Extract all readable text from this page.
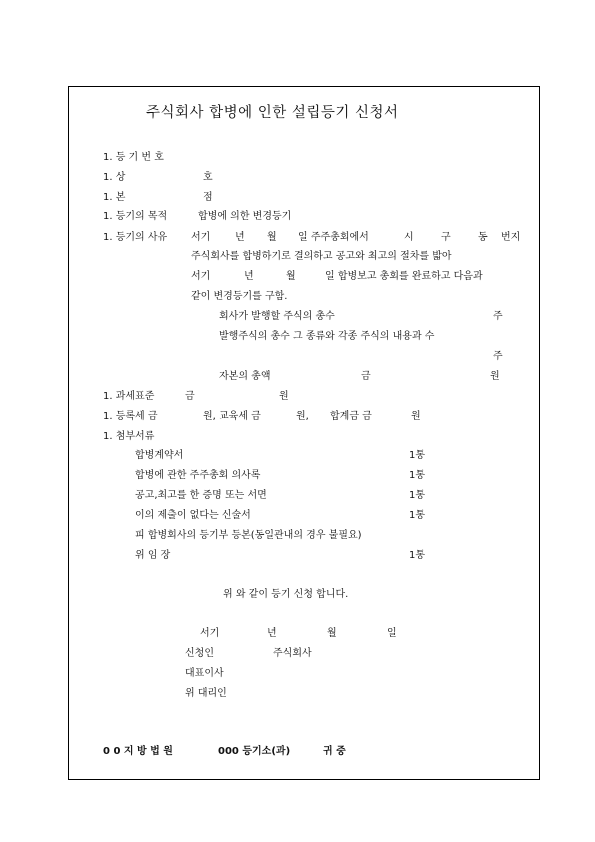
주식회사 합병에 인한 설립등기 신청서
1. 등 기 번 호
1. 상	호
1. 본	점
1. 등기의 목적	합병에 의한 변경등기
1. 등기의 사유 서기 년 월 일 주주총회에서	시	구	동 번지
주식회사를 합병하기로 결의하고 공고와 최고의 절차를 밟아
서기	년	월	일 합병보고 총회를 완료하고 다음과
같이 변경등기를 구함.
회사가 발행할 주식의 총수	주
발행주식의 총수 그 종류와 각종 주식의 내용과 수
주
자본의 총액	금	원
1. 과세표준	금	원
1. 등록세 금	원, 교육세 금	원, 합계금 금	원
1. 첨부서류
합병계약서	1통
합병에 관한 주주총회 의사록	1통
공고,최고를 한 증명 또는 서면	1통
이의 제출이 없다는 신술서	1통
피 합병회사의 등기부 등본(동일관내의 경우 불필요)
위 임 장	1통
위 와 같이 등기 신청 합니다.
서기	년	월	일
신청인	주식회사
대표이사
위 대리인
0 0 지 방 법 원	000 등기소(과)	귀 중
